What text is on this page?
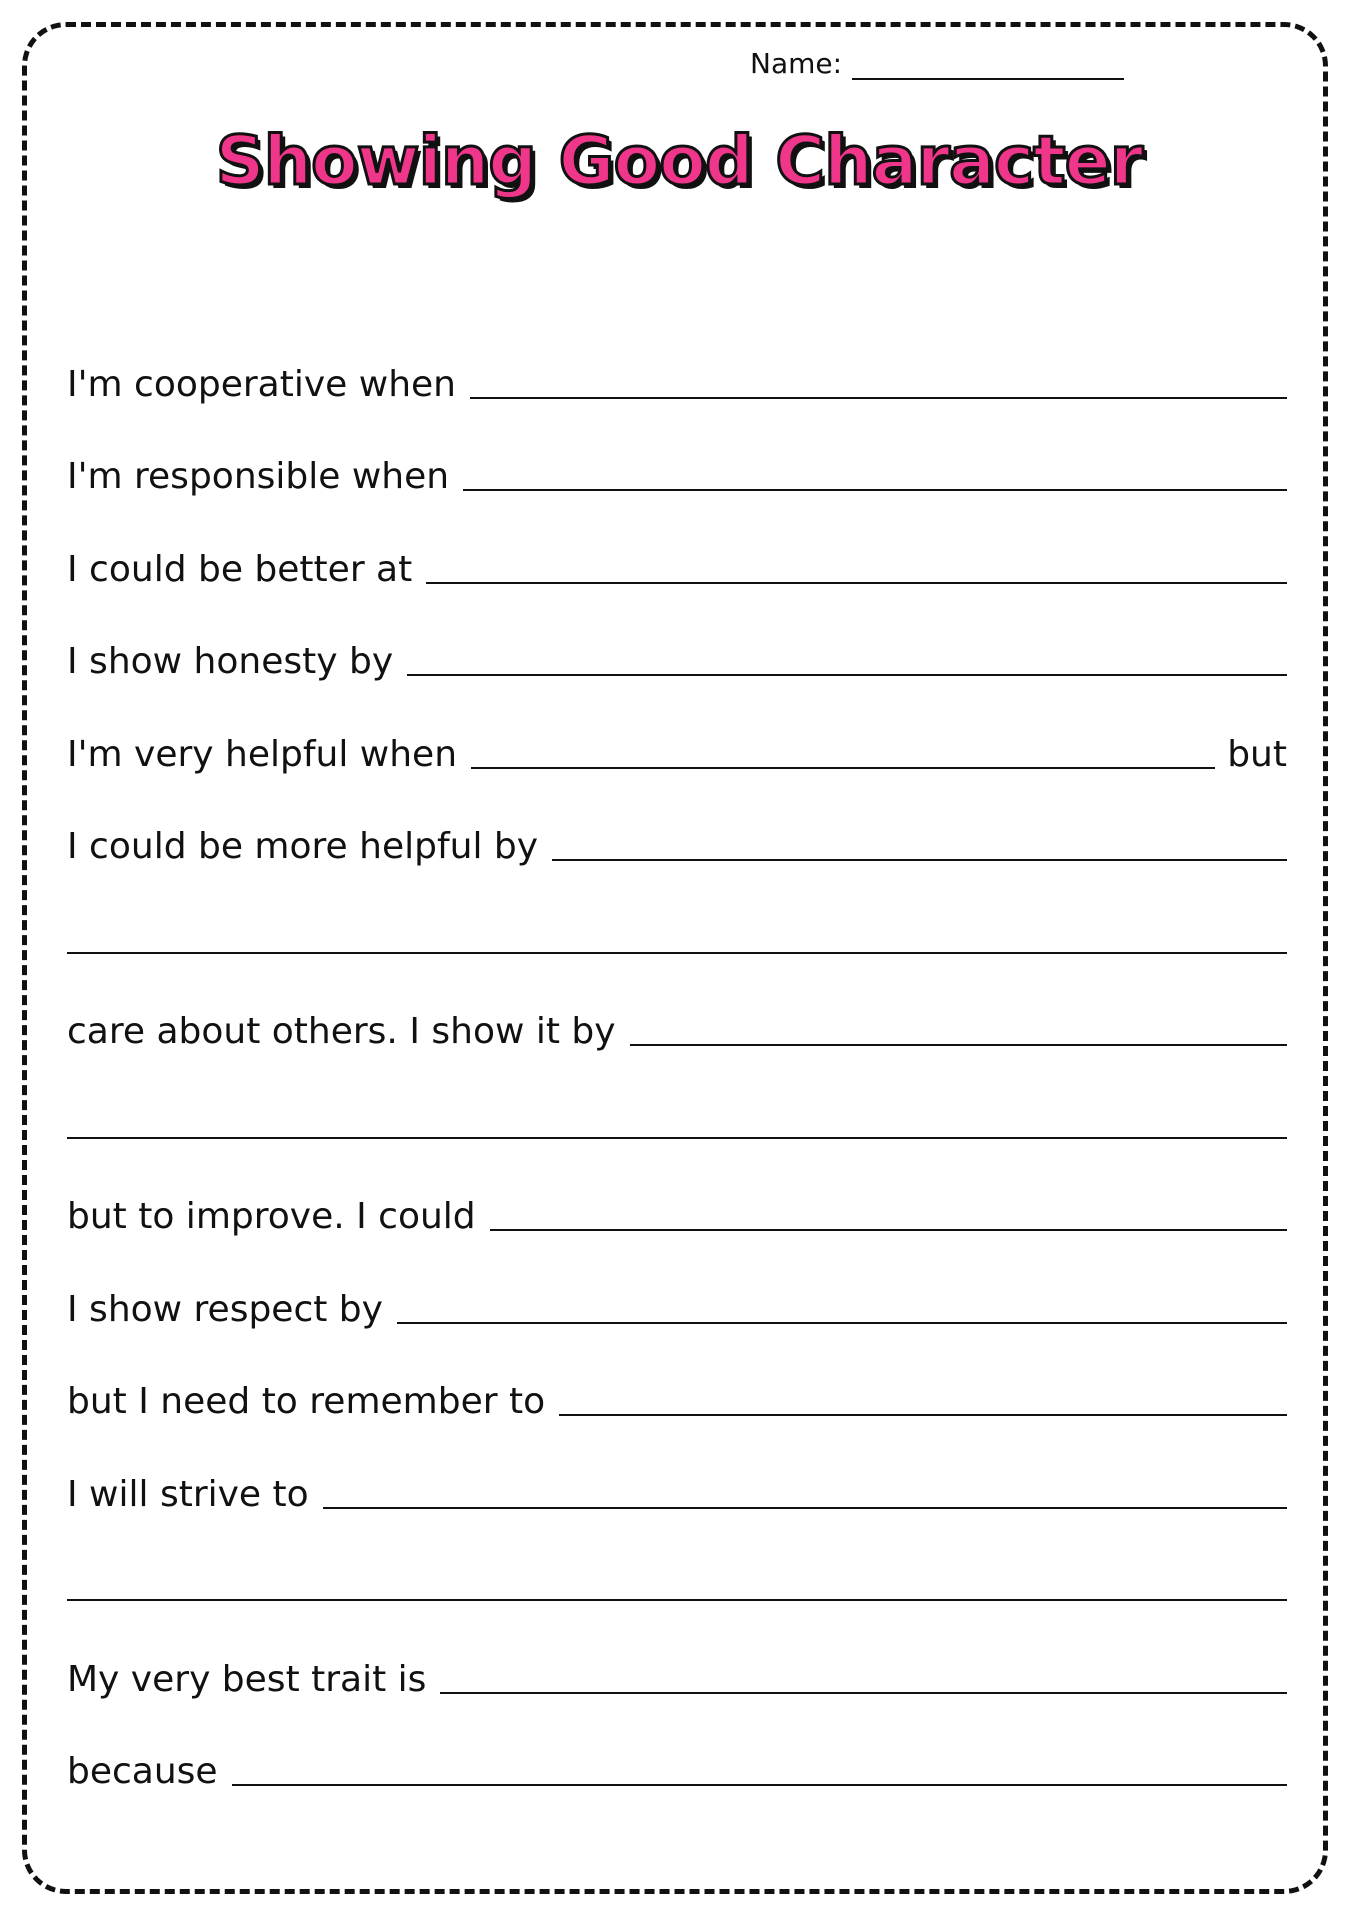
Name:
Showing Good Character
I'm cooperative when
I'm responsible when
I could be better at
I show honesty by
I'm very helpful when	but
I could be more helpful by
care about others. I show it by
but to improve. I could
I show respect by
but I need to remember to
I will strive to
My very best trait is
because
